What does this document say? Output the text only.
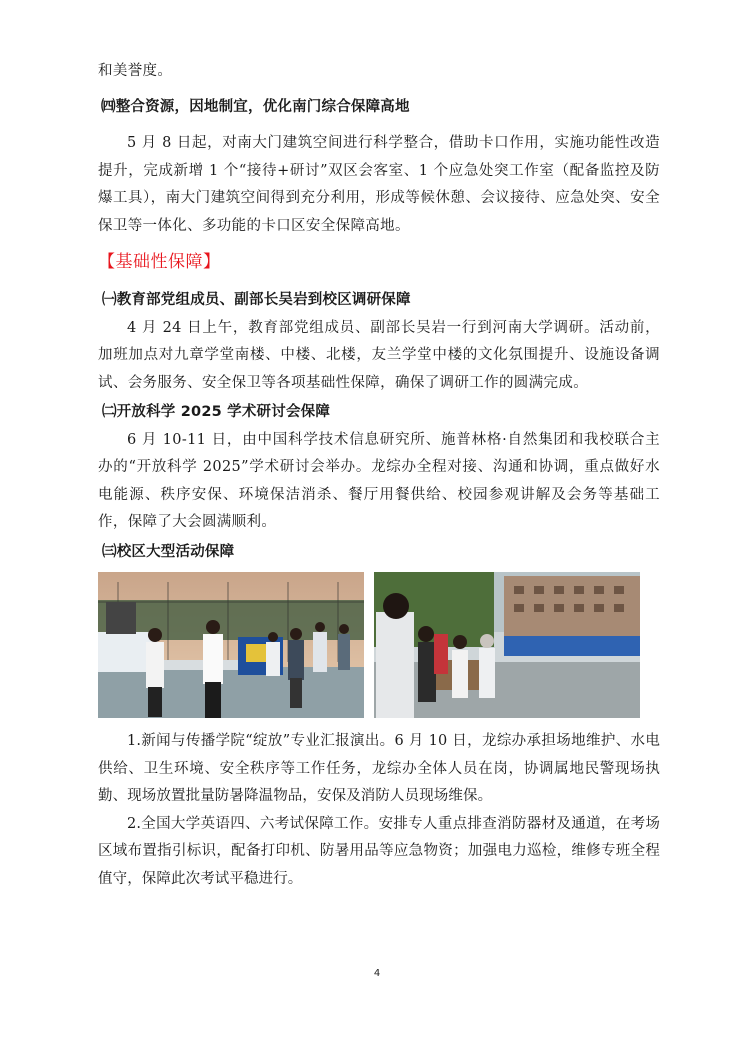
和美誉度。

㈣整合资源，因地制宜，优化南门综合保障高地

5 月 8 日起，对南大门建筑空间进行科学整合，借助卡口作用，实施功能性改造提升，完成新增 1 个“接待+研讨”双区会客室、1 个应急处突工作室（配备监控及防爆工具），南大门建筑空间得到充分利用，形成等候休憩、会议接待、应急处突、安全保卫等一体化、多功能的卡口区安全保障高地。

【基础性保障】

㈠教育部党组成员、副部长吴岩到校区调研保障

4 月 24 日上午，教育部党组成员、副部长吴岩一行到河南大学调研。活动前，加班加点对九章学堂南楼、中楼、北楼，友兰学堂中楼的文化氛围提升、设施设备调试、会务服务、安全保卫等各项基础性保障，确保了调研工作的圆满完成。

㈡开放科学 2025 学术研讨会保障

6 月 10-11 日，由中国科学技术信息研究所、施普林格·自然集团和我校联合主办的“开放科学 2025”学术研讨会举办。龙综办全程对接、沟通和协调，重点做好水电能源、秩序安保、环境保洁消杀、餐厅用餐供给、校园参观讲解及会务等基础工作，保障了大会圆满顺利。

㈢校区大型活动保障

1.新闻与传播学院“绽放”专业汇报演出。6 月 10 日，龙综办承担场地维护、水电供给、卫生环境、安全秩序等工作任务，龙综办全体人员在岗，协调属地民警现场执勤、现场放置批量防暑降温物品，安保及消防人员现场维保。

2.全国大学英语四、六考试保障工作。安排专人重点排查消防器材及通道，在考场区域布置指引标识，配备打印机、防暑用品等应急物资；加强电力巡检，维修专班全程值守，保障此次考试平稳进行。

4
